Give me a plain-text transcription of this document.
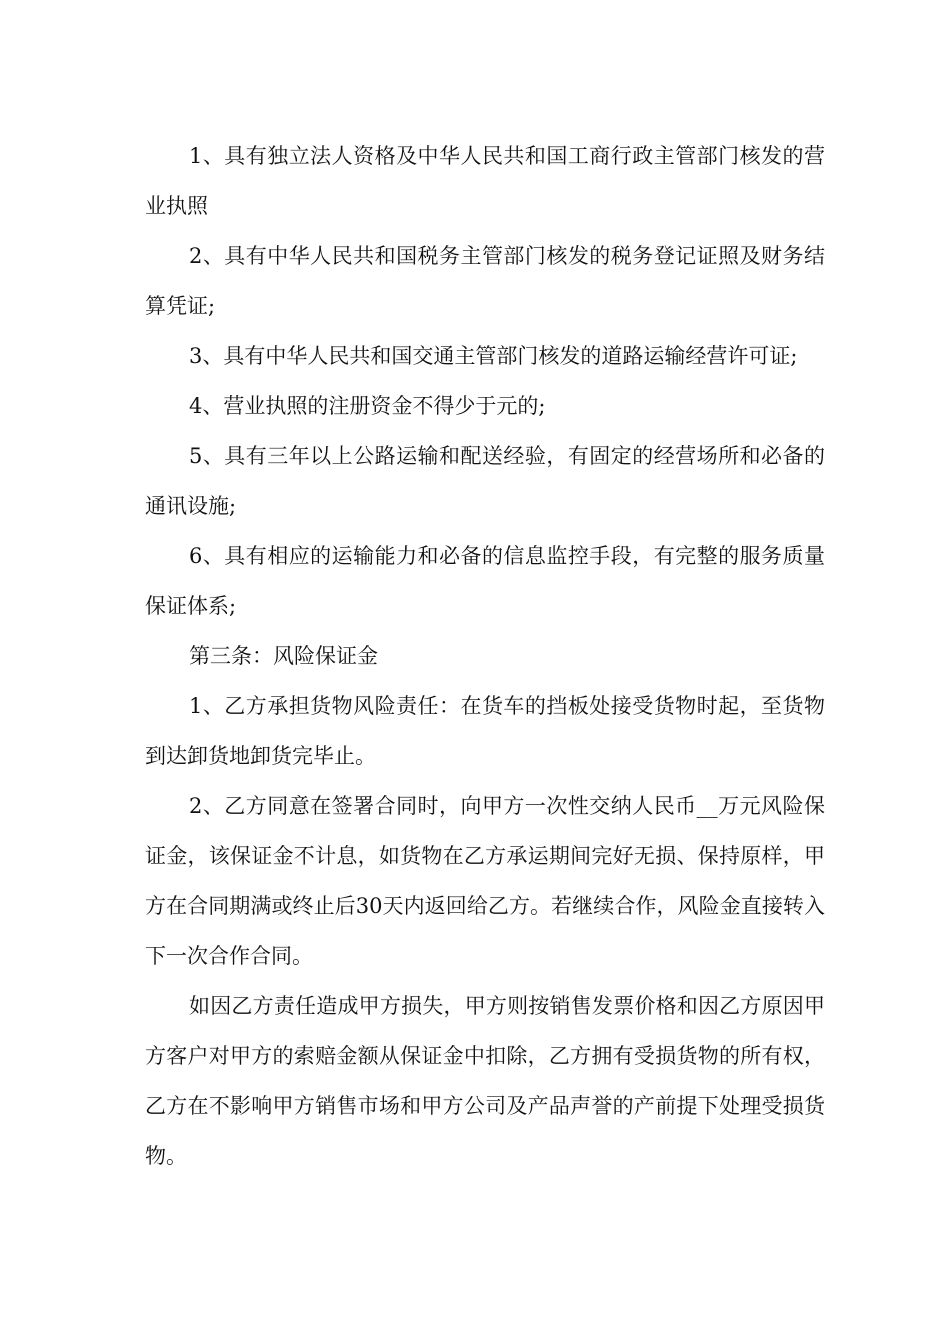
1、具有独立法人资格及中华人民共和国工商行政主管部门核发的营业执照

2、具有中华人民共和国税务主管部门核发的税务登记证照及财务结算凭证;

3、具有中华人民共和国交通主管部门核发的道路运输经营许可证;

4、营业执照的注册资金不得少于元的;

5、具有三年以上公路运输和配送经验，有固定的经营场所和必备的通讯设施;

6、具有相应的运输能力和必备的信息监控手段，有完整的服务质量保证体系;

第三条：风险保证金

1、乙方承担货物风险责任：在货车的挡板处接受货物时起，至货物到达卸货地卸货完毕止。

2、乙方同意在签署合同时，向甲方一次性交纳人民币__万元风险保证金，该保证金不计息，如货物在乙方承运期间完好无损、保持原样，甲方在合同期满或终止后30天内返回给乙方。若继续合作，风险金直接转入下一次合作合同。

如因乙方责任造成甲方损失，甲方则按销售发票价格和因乙方原因甲方客户对甲方的索赔金额从保证金中扣除，乙方拥有受损货物的所有权，乙方在不影响甲方销售市场和甲方公司及产品声誉的产前提下处理受损货物。
